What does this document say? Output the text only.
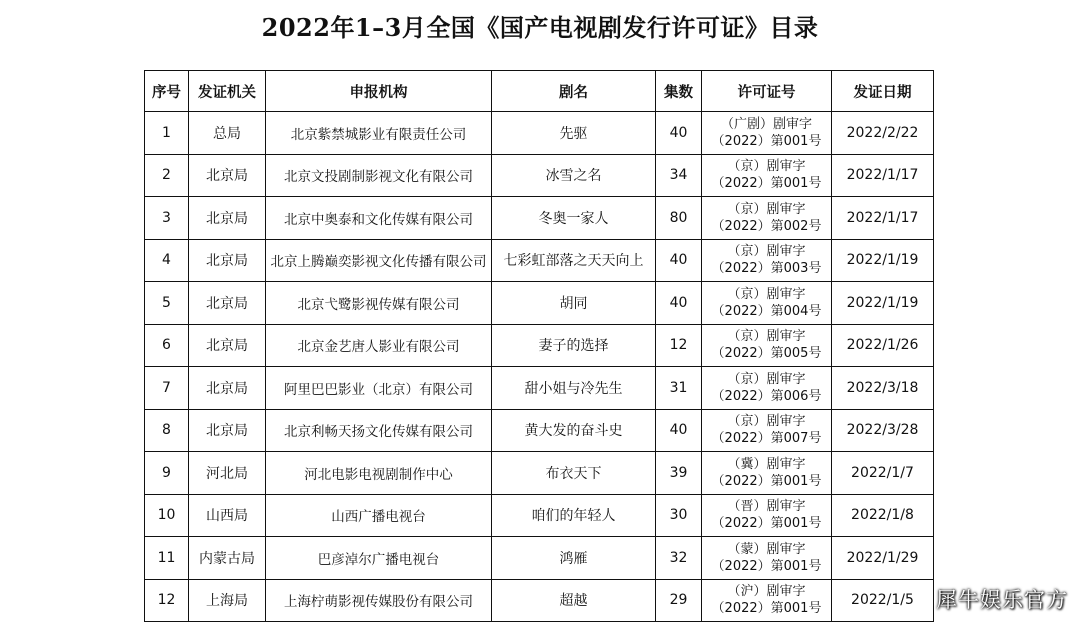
2022年1–3月全国《国产电视剧发行许可证》目录
序号	发证机关	申报机构	剧名	集数	许可证号	发证日期
1	总局	北京紫禁城影业有限责任公司	先驱	40	（广剧）剧审字
（2022）第001号	2022/2/22
2	北京局	北京文投剧制影视文化有限公司	冰雪之名	34	（京）剧审字
（2022）第001号	2022/1/17
3	北京局	北京中奥泰和文化传媒有限公司	冬奥一家人	80	（京）剧审字
（2022）第002号	2022/1/17
4	北京局	北京上腾巅奕影视文化传播有限公司	七彩虹部落之天天向上	40	（京）剧审字
（2022）第003号	2022/1/19
5	北京局	北京弋鹭影视传媒有限公司	胡同	40	（京）剧审字
（2022）第004号	2022/1/19
6	北京局	北京金艺唐人影业有限公司	妻子的选择	12	（京）剧审字
（2022）第005号	2022/1/26
7	北京局	阿里巴巴影业（北京）有限公司	甜小姐与冷先生	31	（京）剧审字
（2022）第006号	2022/3/18
8	北京局	北京利畅天扬文化传媒有限公司	黄大发的奋斗史	40	（京）剧审字
（2022）第007号	2022/3/28
9	河北局	河北电影电视剧制作中心	布衣天下	39	（冀）剧审字
（2022）第001号	2022/1/7
10	山西局	山西广播电视台	咱们的年轻人	30	（晋）剧审字
（2022）第001号	2022/1/8
11	内蒙古局	巴彦淖尔广播电视台	鸿雁	32	（蒙）剧审字
（2022）第001号	2022/1/29
12	上海局	上海柠萌影视传媒股份有限公司	超越	29	（沪）剧审字
（2022）第001号	2022/1/5 犀牛娱乐官方
